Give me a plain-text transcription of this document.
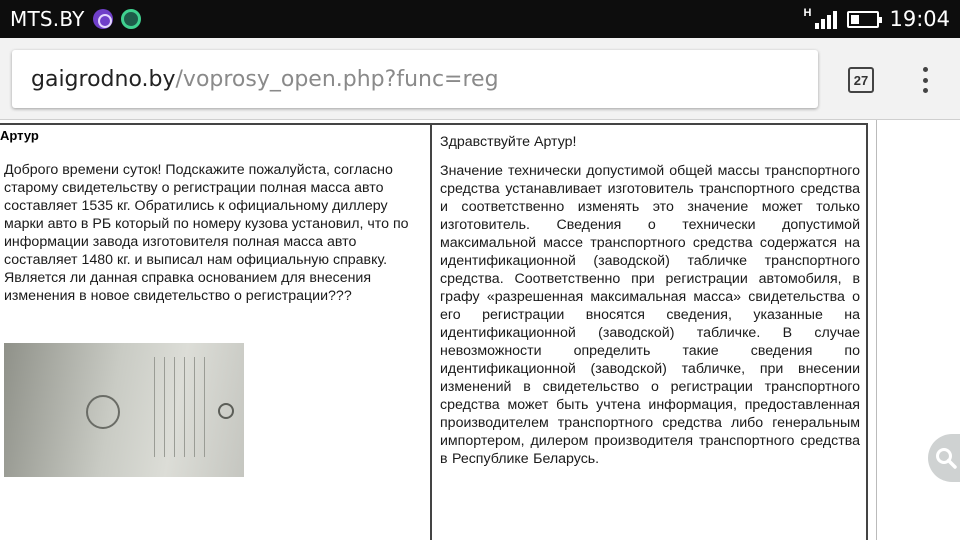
MTS.BY	H	19:04
gaigrodno.by /voprosy_open.php?func=reg	27
Артур
Доброго времени суток! Подскажите пожалуйста, согласно старому свидетельству о регистрации полная масса авто составляет 1535 кг. Обратились к официальному диллеру марки авто в РБ который по номеру кузова установил, что по информации завода изготовителя полная масса авто составляет 1480 кг. и выписал нам официальную справку. Является ли данная справка основанием для внесения изменения в новое свидетельство о регистрации???
Здравствуйте Артур!
Значение технически допустимой общей массы транспортного средства устанавливает изготовитель транспортного средства и соответственно изменять это значение может только изготовитель. Сведения о технически допустимой максимальной массе транспортного средства содержатся на идентификационной (заводской) табличке транспортного средства. Соответственно при регистрации автомобиля, в графу «разрешенная максимальная масса» свидетельства о его регистрации вносятся сведения, указанные на идентификационной (заводской) табличке. В случае невозможности определить такие сведения по идентификационной (заводской) табличке, при внесении изменений в свидетельство о регистрации транспортного средства может быть учтена информация, предоставленная производителем транспортного средства либо генеральным импортером, дилером производителя транспортного средства в Республике Беларусь.
